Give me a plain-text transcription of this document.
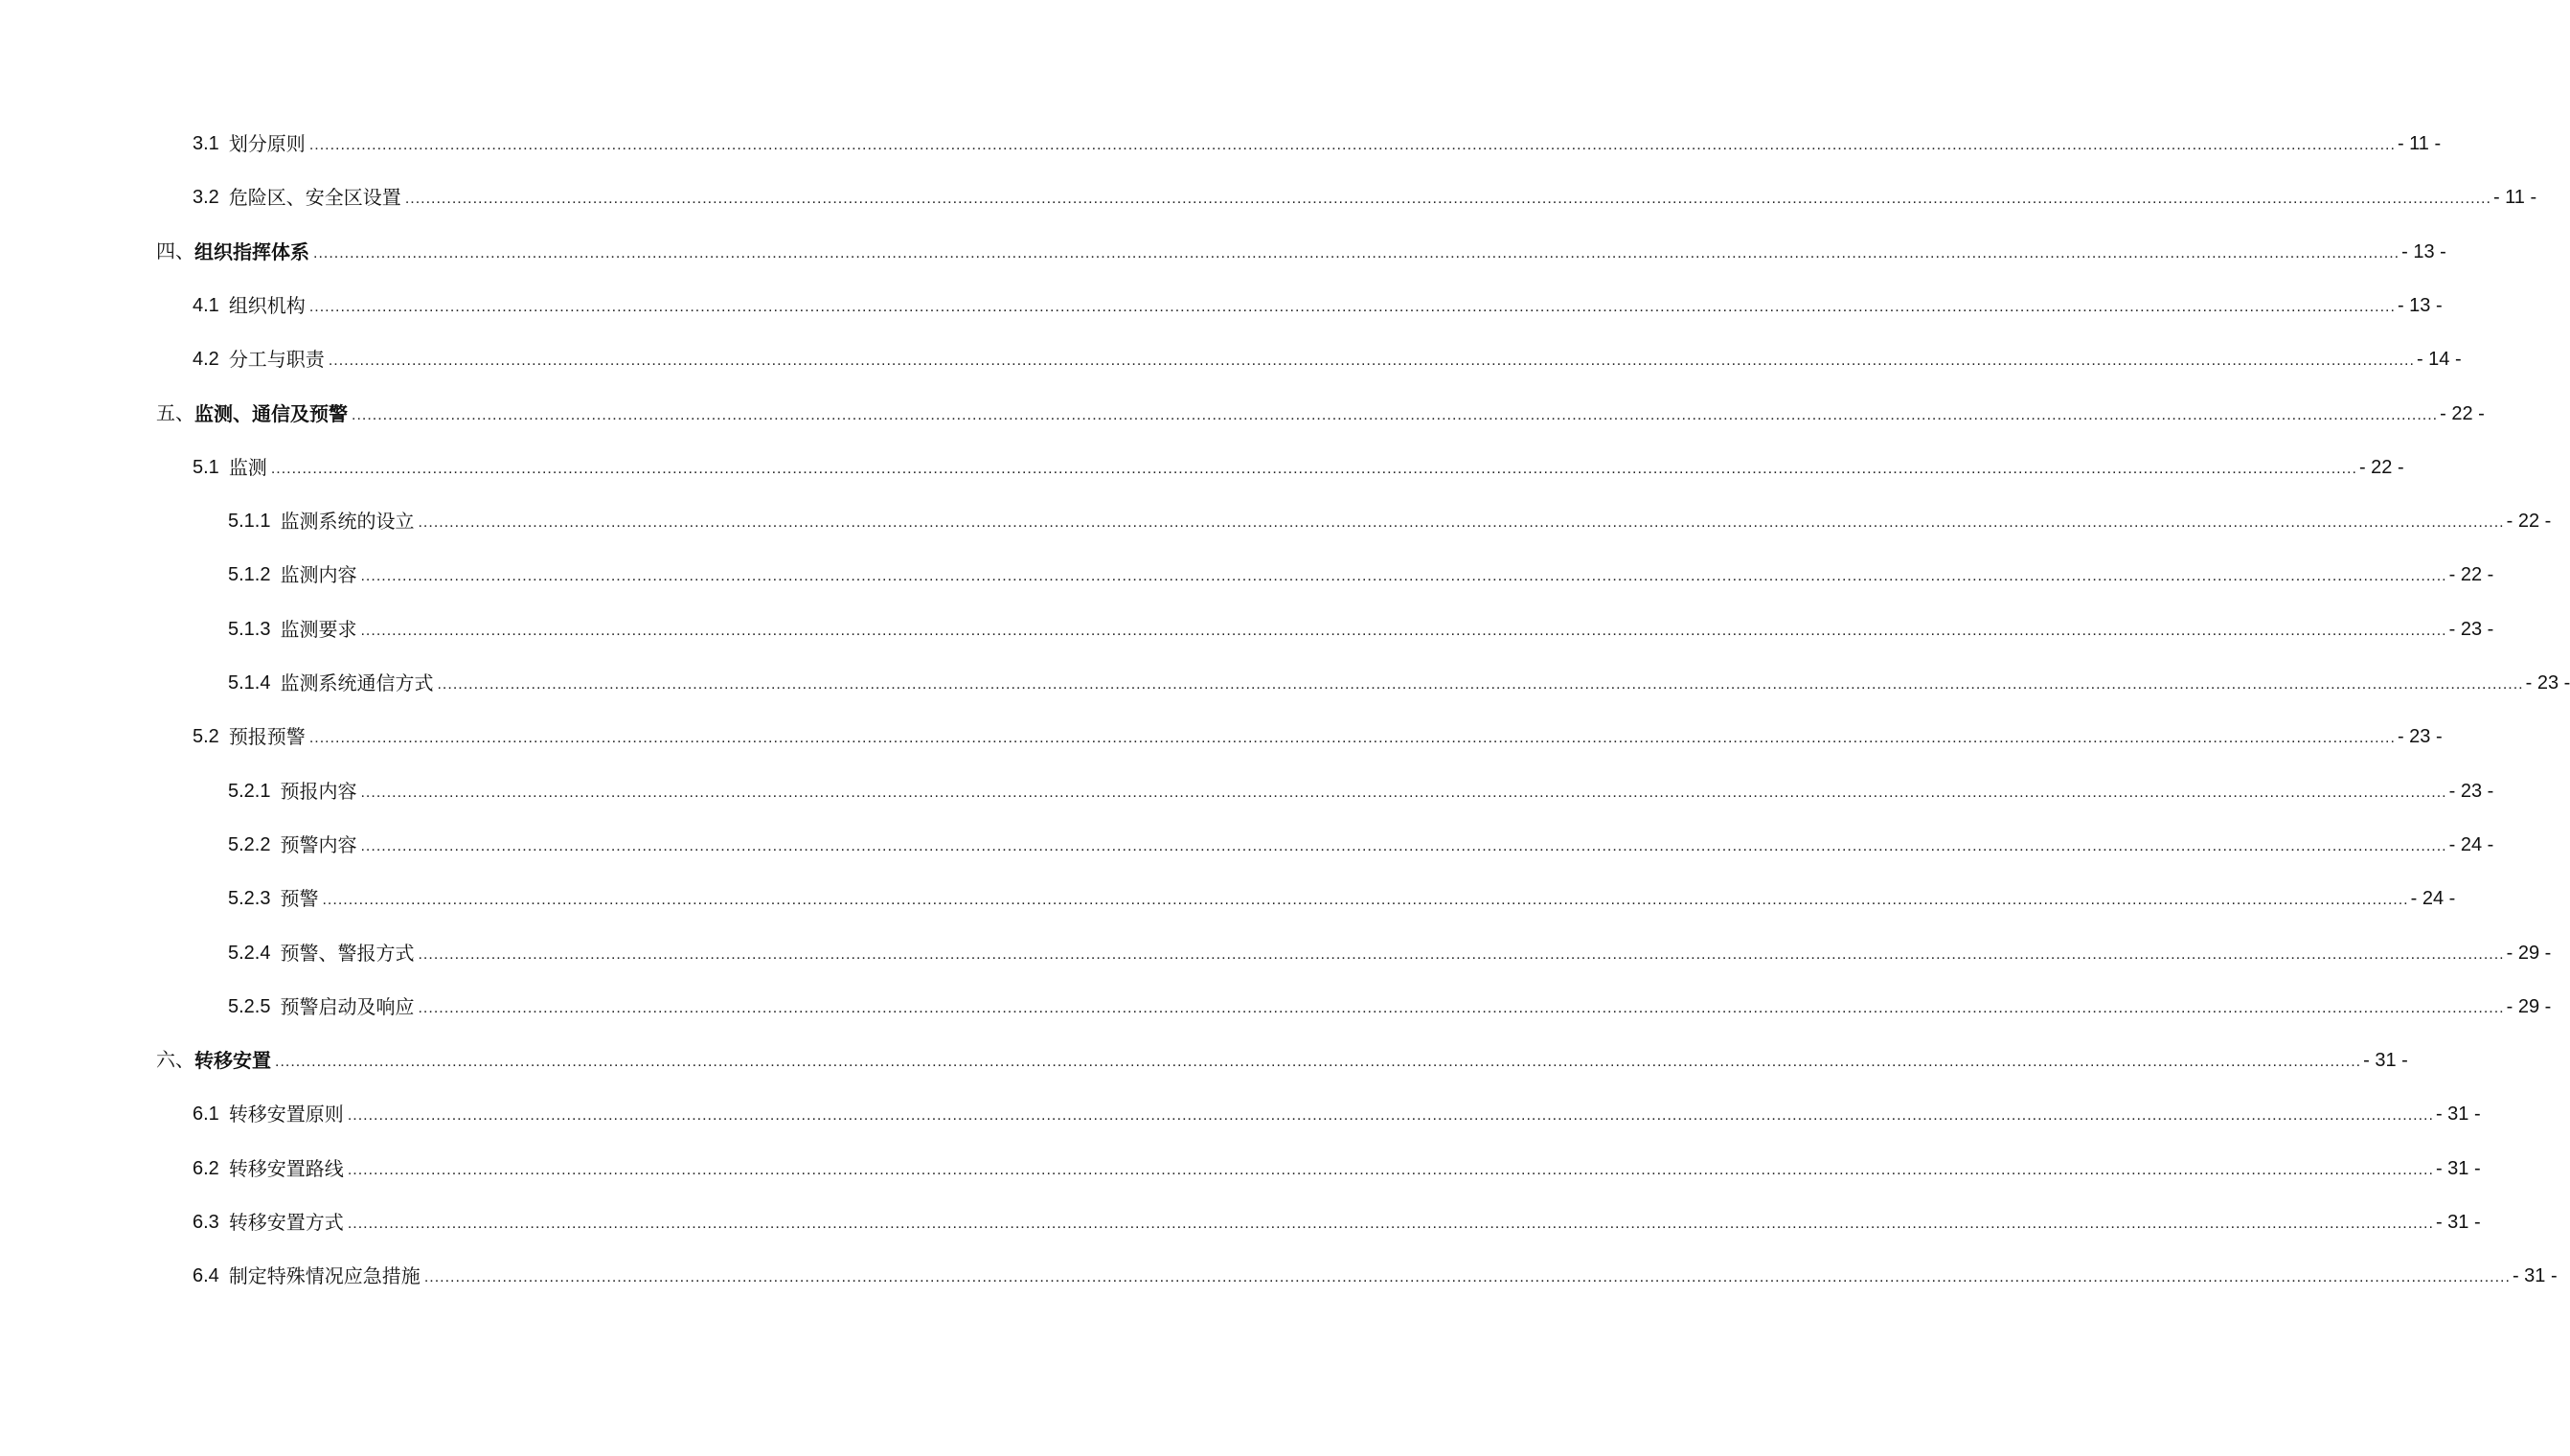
3.1 划分原则 ................................................................................................................................................................................................................................................................................................................................................................................................................ - 11 -
3.2 危险区、安全区设置 ................................................................................................................................................................................................................................................................................................................................................................................................................ - 11 -
四、 组织指挥体系 ................................................................................................................................................................................................................................................................................................................................................................................................................ - 13 -
4.1 组织机构 ................................................................................................................................................................................................................................................................................................................................................................................................................ - 13 -
4.2 分工与职责 ................................................................................................................................................................................................................................................................................................................................................................................................................ - 14 -
五、 监测、通信及预警 ................................................................................................................................................................................................................................................................................................................................................................................................................ - 22 -
5.1 监测 ................................................................................................................................................................................................................................................................................................................................................................................................................ - 22 -
5.1.1 监测系统的设立 ................................................................................................................................................................................................................................................................................................................................................................................................................ - 22 -
5.1.2 监测内容 ................................................................................................................................................................................................................................................................................................................................................................................................................ - 22 -
5.1.3 监测要求 ................................................................................................................................................................................................................................................................................................................................................................................................................ - 23 -
5.1.4 监测系统通信方式 ................................................................................................................................................................................................................................................................................................................................................................................................................ - 23 -
5.2 预报预警 ................................................................................................................................................................................................................................................................................................................................................................................................................ - 23 -
5.2.1 预报内容 ................................................................................................................................................................................................................................................................................................................................................................................................................ - 23 -
5.2.2 预警内容 ................................................................................................................................................................................................................................................................................................................................................................................................................ - 24 -
5.2.3 预警 ................................................................................................................................................................................................................................................................................................................................................................................................................ - 24 -
5.2.4 预警、警报方式 ................................................................................................................................................................................................................................................................................................................................................................................................................ - 29 -
5.2.5 预警启动及响应 ................................................................................................................................................................................................................................................................................................................................................................................................................ - 29 -
六、 转移安置 ................................................................................................................................................................................................................................................................................................................................................................................................................ - 31 -
6.1 转移安置原则 ................................................................................................................................................................................................................................................................................................................................................................................................................ - 31 -
6.2 转移安置路线 ................................................................................................................................................................................................................................................................................................................................................................................................................ - 31 -
6.3 转移安置方式 ................................................................................................................................................................................................................................................................................................................................................................................................................ - 31 -
6.4 制定特殊情况应急措施 ................................................................................................................................................................................................................................................................................................................................................................................................................ - 31 -
